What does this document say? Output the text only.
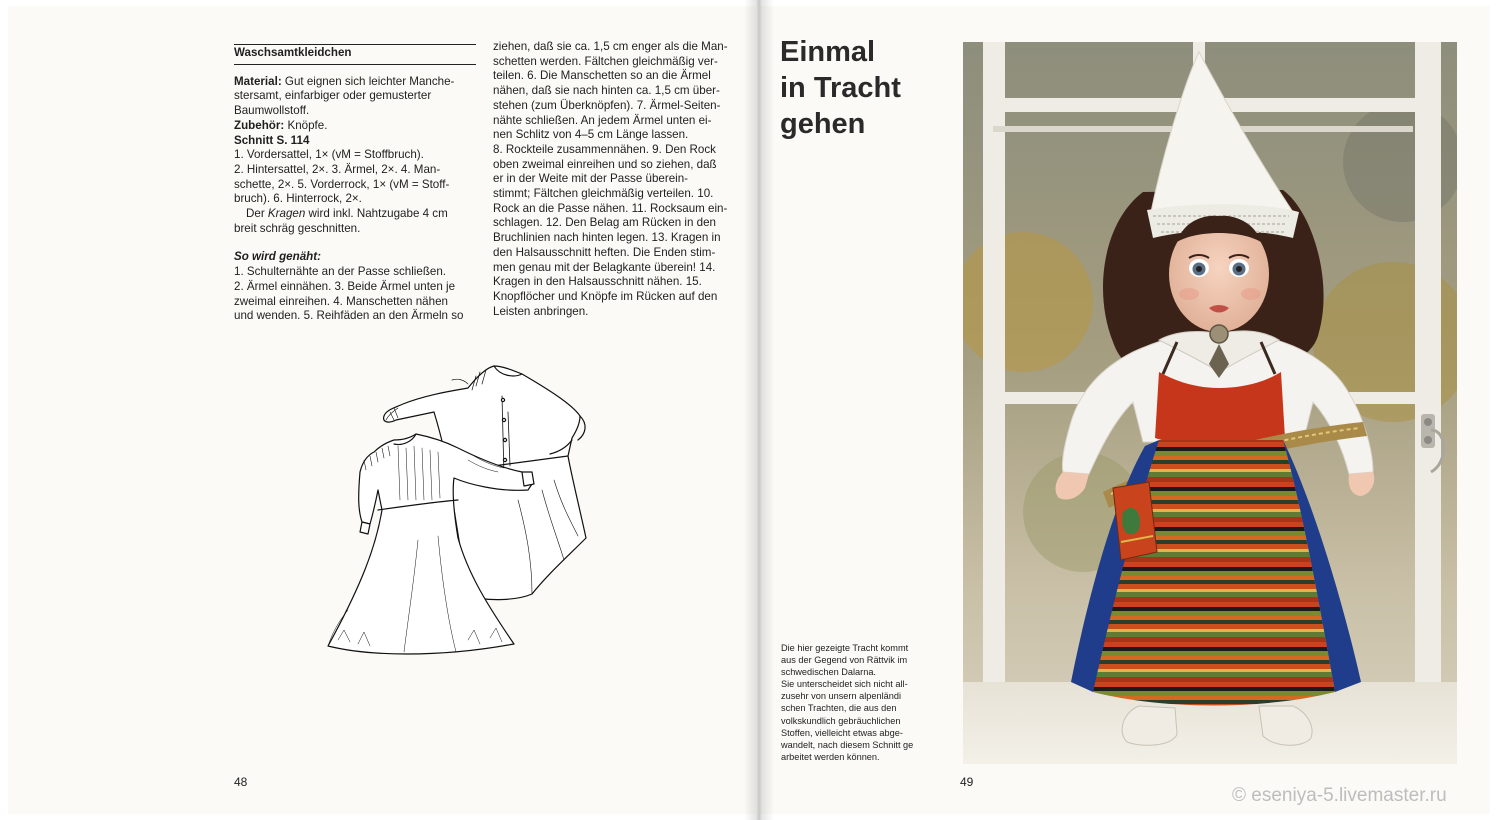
Waschsamtkleidchen

Material: Gut eignen sich leichter Manche-

stersamt, einfarbiger oder gemusterter

Baumwollstoff.

Zubehör: Knöpfe.

Schnitt S. 114

1. Vordersattel, 1× (vM = Stoffbruch).

2. Hintersattel, 2×. 3. Ärmel, 2×. 4. Man-

schette, 2×. 5. Vorderrock, 1× (vM = Stoff-

bruch). 6. Hinterrock, 2×.

Der Kragen wird inkl. Nahtzugabe 4 cm

breit schräg geschnitten.

So wird genäht:

1. Schulternähte an der Passe schließen.

2. Ärmel einnähen. 3. Beide Ärmel unten je

zweimal einreihen. 4. Manschetten nähen

und wenden. 5. Reihfäden an den Ärmeln so

ziehen, daß sie ca. 1,5 cm enger als die Man-

schetten werden. Fältchen gleichmäßig ver-

teilen. 6. Die Manschetten so an die Ärmel

nähen, daß sie nach hinten ca. 1,5 cm über-

stehen (zum Überknöpfen). 7. Ärmel-Seiten-

nähte schließen. An jedem Ärmel unten ei-

nen Schlitz von 4–5 cm Länge lassen.

8. Rockteile zusammennähen. 9. Den Rock

oben zweimal einreihen und so ziehen, daß

er in der Weite mit der Passe überein-

stimmt; Fältchen gleichmäßig verteilen. 10.

Rock an die Passe nähen. 11. Rocksaum ein-

schlagen. 12. Den Belag am Rücken in den

Bruchlinien nach hinten legen. 13. Kragen in

den Halsausschnitt heften. Die Enden stim-

men genau mit der Belagkante überein! 14.

Kragen in den Halsausschnitt nähen. 15.

Knopflöcher und Knöpfe im Rücken auf den

Leisten anbringen.

48
Einmal
in Tracht
gehen

Die hier gezeigte Tracht kommt

aus der Gegend von Rättvik im

schwedischen Dalarna.

Sie unterscheidet sich nicht all-

zusehr von unsern alpenländi

schen Trachten, die aus den

volkskundlich gebräuchlichen

Stoffen, vielleicht etwas abge-

wandelt, nach diesem Schnitt ge

arbeitet werden können.

49
© eseniya-5.livemaster.ru
